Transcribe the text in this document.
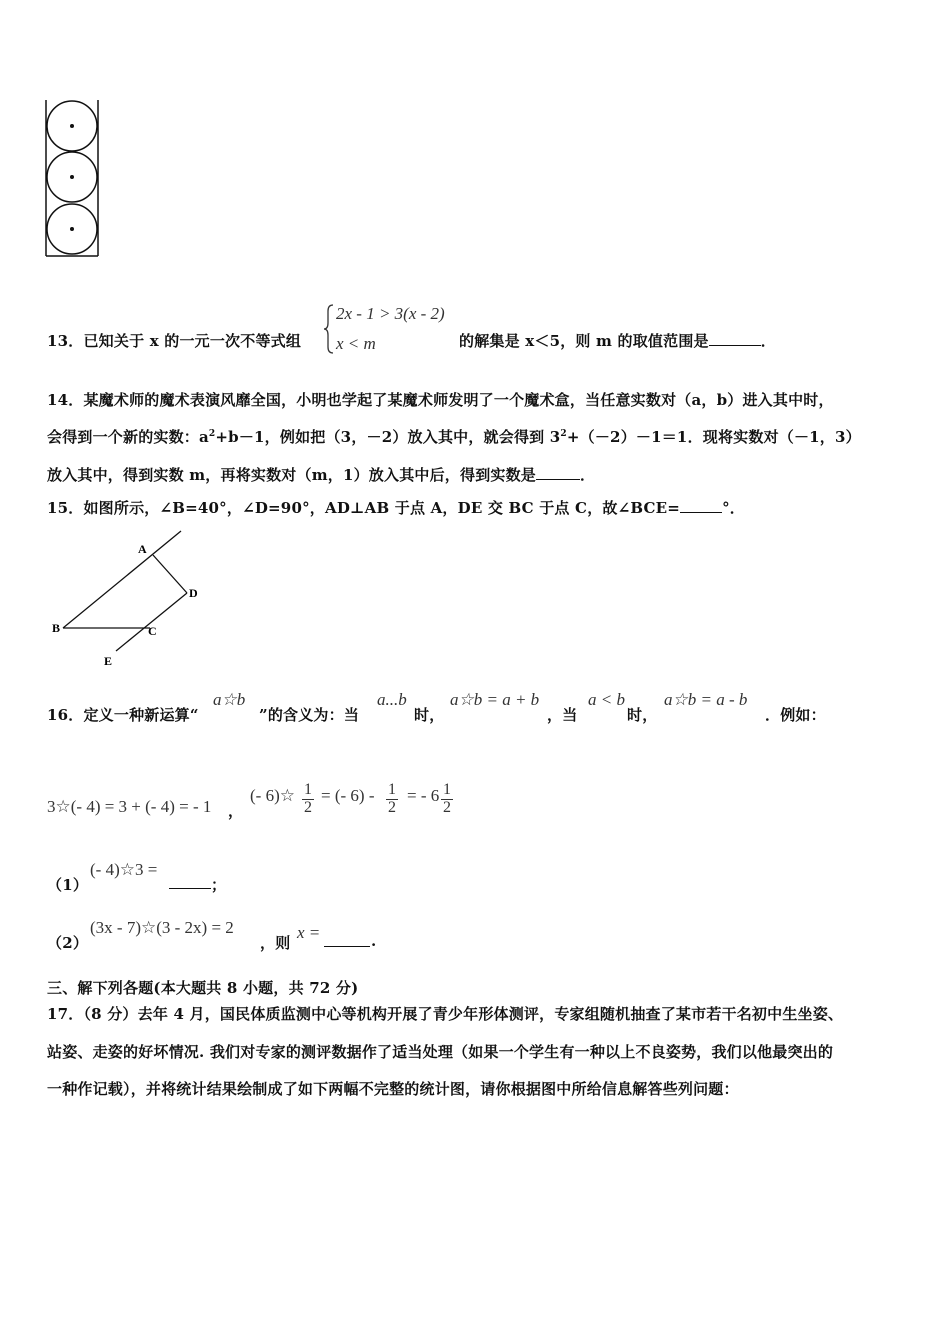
13．已知关于 x 的一元一次不等式组
2x - 1 > 3(x - 2)
x < m	的解集是 x＜5，则 m 的取值范围是	．
14．某魔术师的魔术表演风靡全国，小明也学起了某魔术师发明了一个魔术盒，当任意实数对（a，b）进入其中时，
会得到一个新的实数：$a^2+b-1$，例如把（3，－2）放入其中，就会得到 $3^2+(-2)-1=1$．现将实数对（－1，3）
放入其中，得到实数 m，再将实数对（m，1）放入其中后，得到实数是	．
15．如图所示，∠B=40°，∠D=90°，AD⊥AB 于点 A，DE 交 BC 于点 C，故∠BCE=	°．
A
D
B	C
E
16．定义一种新运算“
a☆b
”的含义为：当
a...b
时，
a☆b = a + b
，当
a < b
时，
a☆b = a - b
．例如：
3☆(- 4) = 3 + (- 4) = - 1 ，
(- 6)☆ $\frac{1}{2}$ = (- $6) - \frac{1}{2}$ = - $6 \frac{1}{2}$
（1）
(- 4)☆3 =
；
（2）
(3x - 7)☆(3 - 2x) = 2
，则
x =	.
三、解下列各题(本大题共 8 小题，共 72 分)
17．（8 分）去年 4 月，国民体质监测中心等机构开展了青少年形体测评，专家组随机抽查了某市若干名初中生坐姿、
站姿、走姿的好坏情况. 我们对专家的测评数据作了适当处理（如果一个学生有一种以上不良姿势，我们以他最突出的
一种作记载），并将统计结果绘制成了如下两幅不完整的统计图，请你根据图中所给信息解答些列问题：
